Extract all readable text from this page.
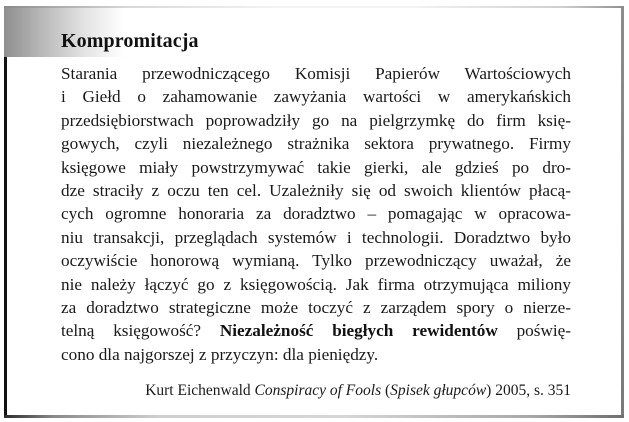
Kompromitacja
Starania przewodniczącego Komisji Papierów Wartościowych
i Giełd o zahamowanie zawyżania wartości w amerykańskich
przedsiębiorstwach poprowadziły go na pielgrzymkę do firm księ-
gowych, czyli niezależnego strażnika sektora prywatnego. Firmy
księgowe miały powstrzymywać takie gierki, ale gdzieś po dro-
dze straciły z oczu ten cel. Uzależniły się od swoich klientów płacą-
cych ogromne honoraria za doradztwo – pomagając w opracowa-
niu transakcji, przeglądach systemów i technologii. Doradztwo było
oczywiście honorową wymianą. Tylko przewodniczący uważał, że
nie należy łączyć go z księgowością. Jak firma otrzymująca miliony
za doradztwo strategiczne może toczyć z zarządem spory o nierze-
telną księgowość? Niezależność biegłych rewidentów poświę-
cono dla najgorszej z przyczyn: dla pieniędzy.

Kurt Eichenwald Conspiracy of Fools (Spisek głupców) 2005, s. 351
